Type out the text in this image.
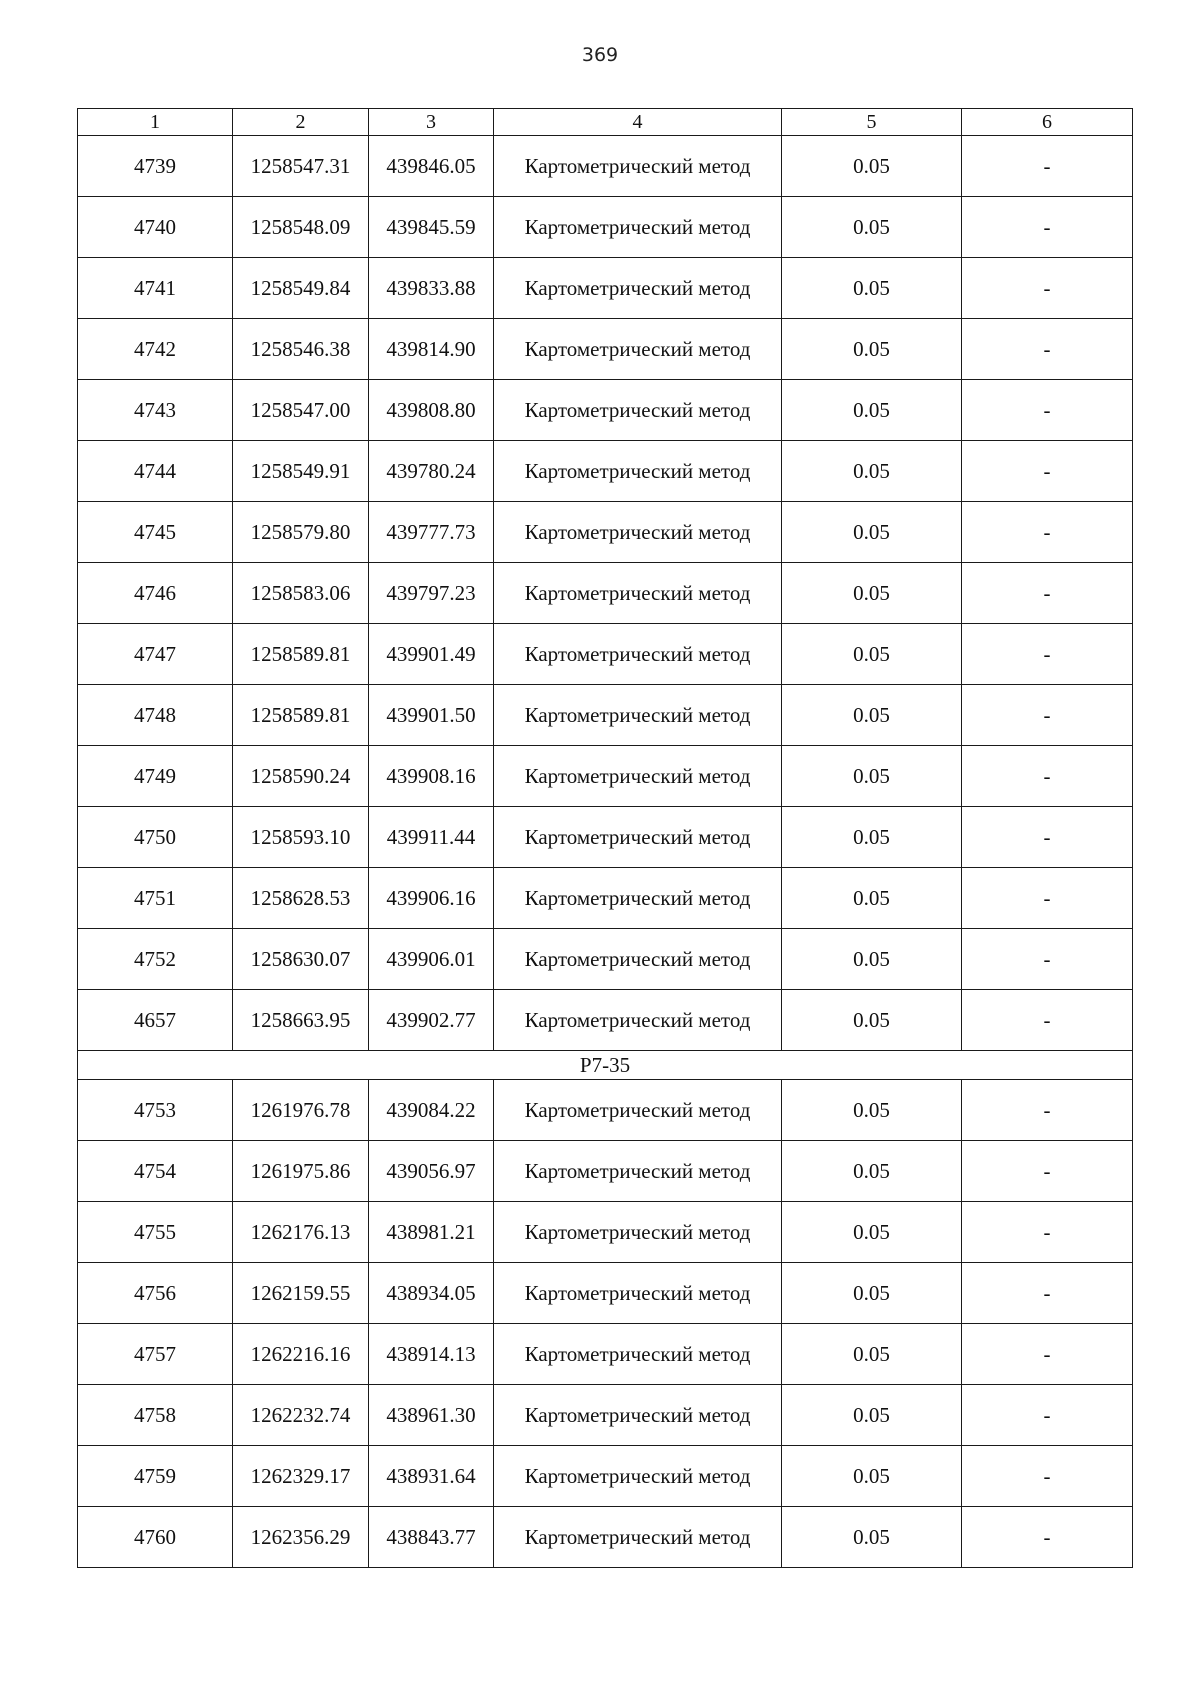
369
1	2	3	4	5	6
4739	1258547.31	439846.05	Картометрический метод	0.05	-
4740	1258548.09	439845.59	Картометрический метод	0.05	-
4741	1258549.84	439833.88	Картометрический метод	0.05	-
4742	1258546.38	439814.90	Картометрический метод	0.05	-
4743	1258547.00	439808.80	Картометрический метод	0.05	-
4744	1258549.91	439780.24	Картометрический метод	0.05	-
4745	1258579.80	439777.73	Картометрический метод	0.05	-
4746	1258583.06	439797.23	Картометрический метод	0.05	-
4747	1258589.81	439901.49	Картометрический метод	0.05	-
4748	1258589.81	439901.50	Картометрический метод	0.05	-
4749	1258590.24	439908.16	Картометрический метод	0.05	-
4750	1258593.10	439911.44	Картометрический метод	0.05	-
4751	1258628.53	439906.16	Картометрический метод	0.05	-
4752	1258630.07	439906.01	Картометрический метод	0.05	-
4657	1258663.95	439902.77	Картометрический метод	0.05	-
Р7-35					
4753	1261976.78	439084.22	Картометрический метод	0.05	-
4754	1261975.86	439056.97	Картометрический метод	0.05	-
4755	1262176.13	438981.21	Картометрический метод	0.05	-
4756	1262159.55	438934.05	Картометрический метод	0.05	-
4757	1262216.16	438914.13	Картометрический метод	0.05	-
4758	1262232.74	438961.30	Картометрический метод	0.05	-
4759	1262329.17	438931.64	Картометрический метод	0.05	-
4760	1262356.29	438843.77	Картометрический метод	0.05	-
